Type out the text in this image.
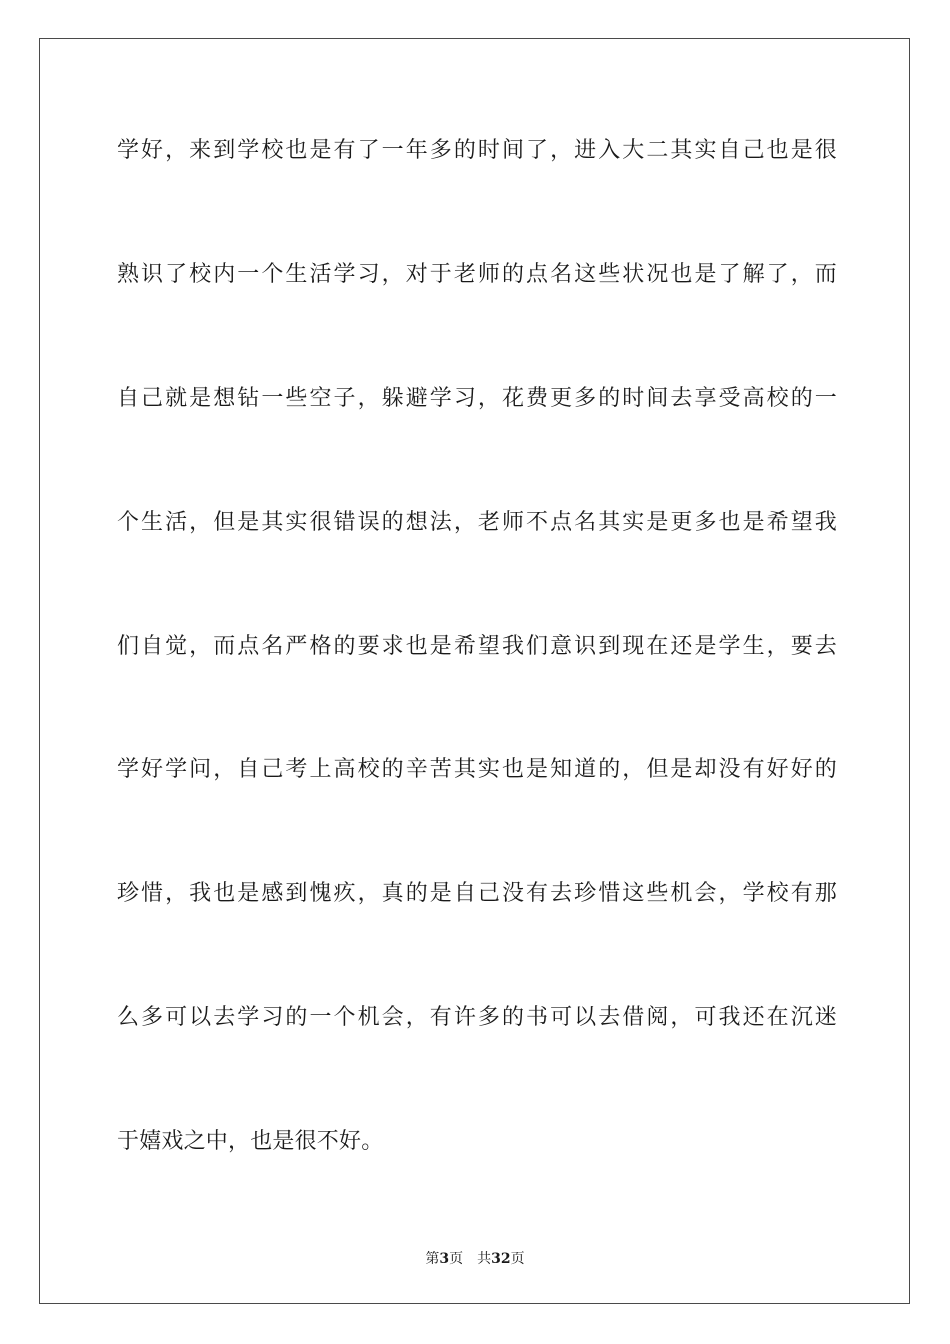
学好，来到学校也是有了一年多的时间了，进入大二其实自己也是很
熟识了校内一个生活学习，对于老师的点名这些状况也是了解了，而
自己就是想钻一些空子，躲避学习，花费更多的时间去享受高校的一
个生活，但是其实很错误的想法，老师不点名其实是更多也是希望我
们自觉，而点名严格的要求也是希望我们意识到现在还是学生，要去
学好学问，自己考上高校的辛苦其实也是知道的，但是却没有好好的
珍惜，我也是感到愧疚，真的是自己没有去珍惜这些机会，学校有那
么多可以去学习的一个机会，有许多的书可以去借阅，可我还在沉迷
于嬉戏之中，也是很不好。
第3页 共32页
